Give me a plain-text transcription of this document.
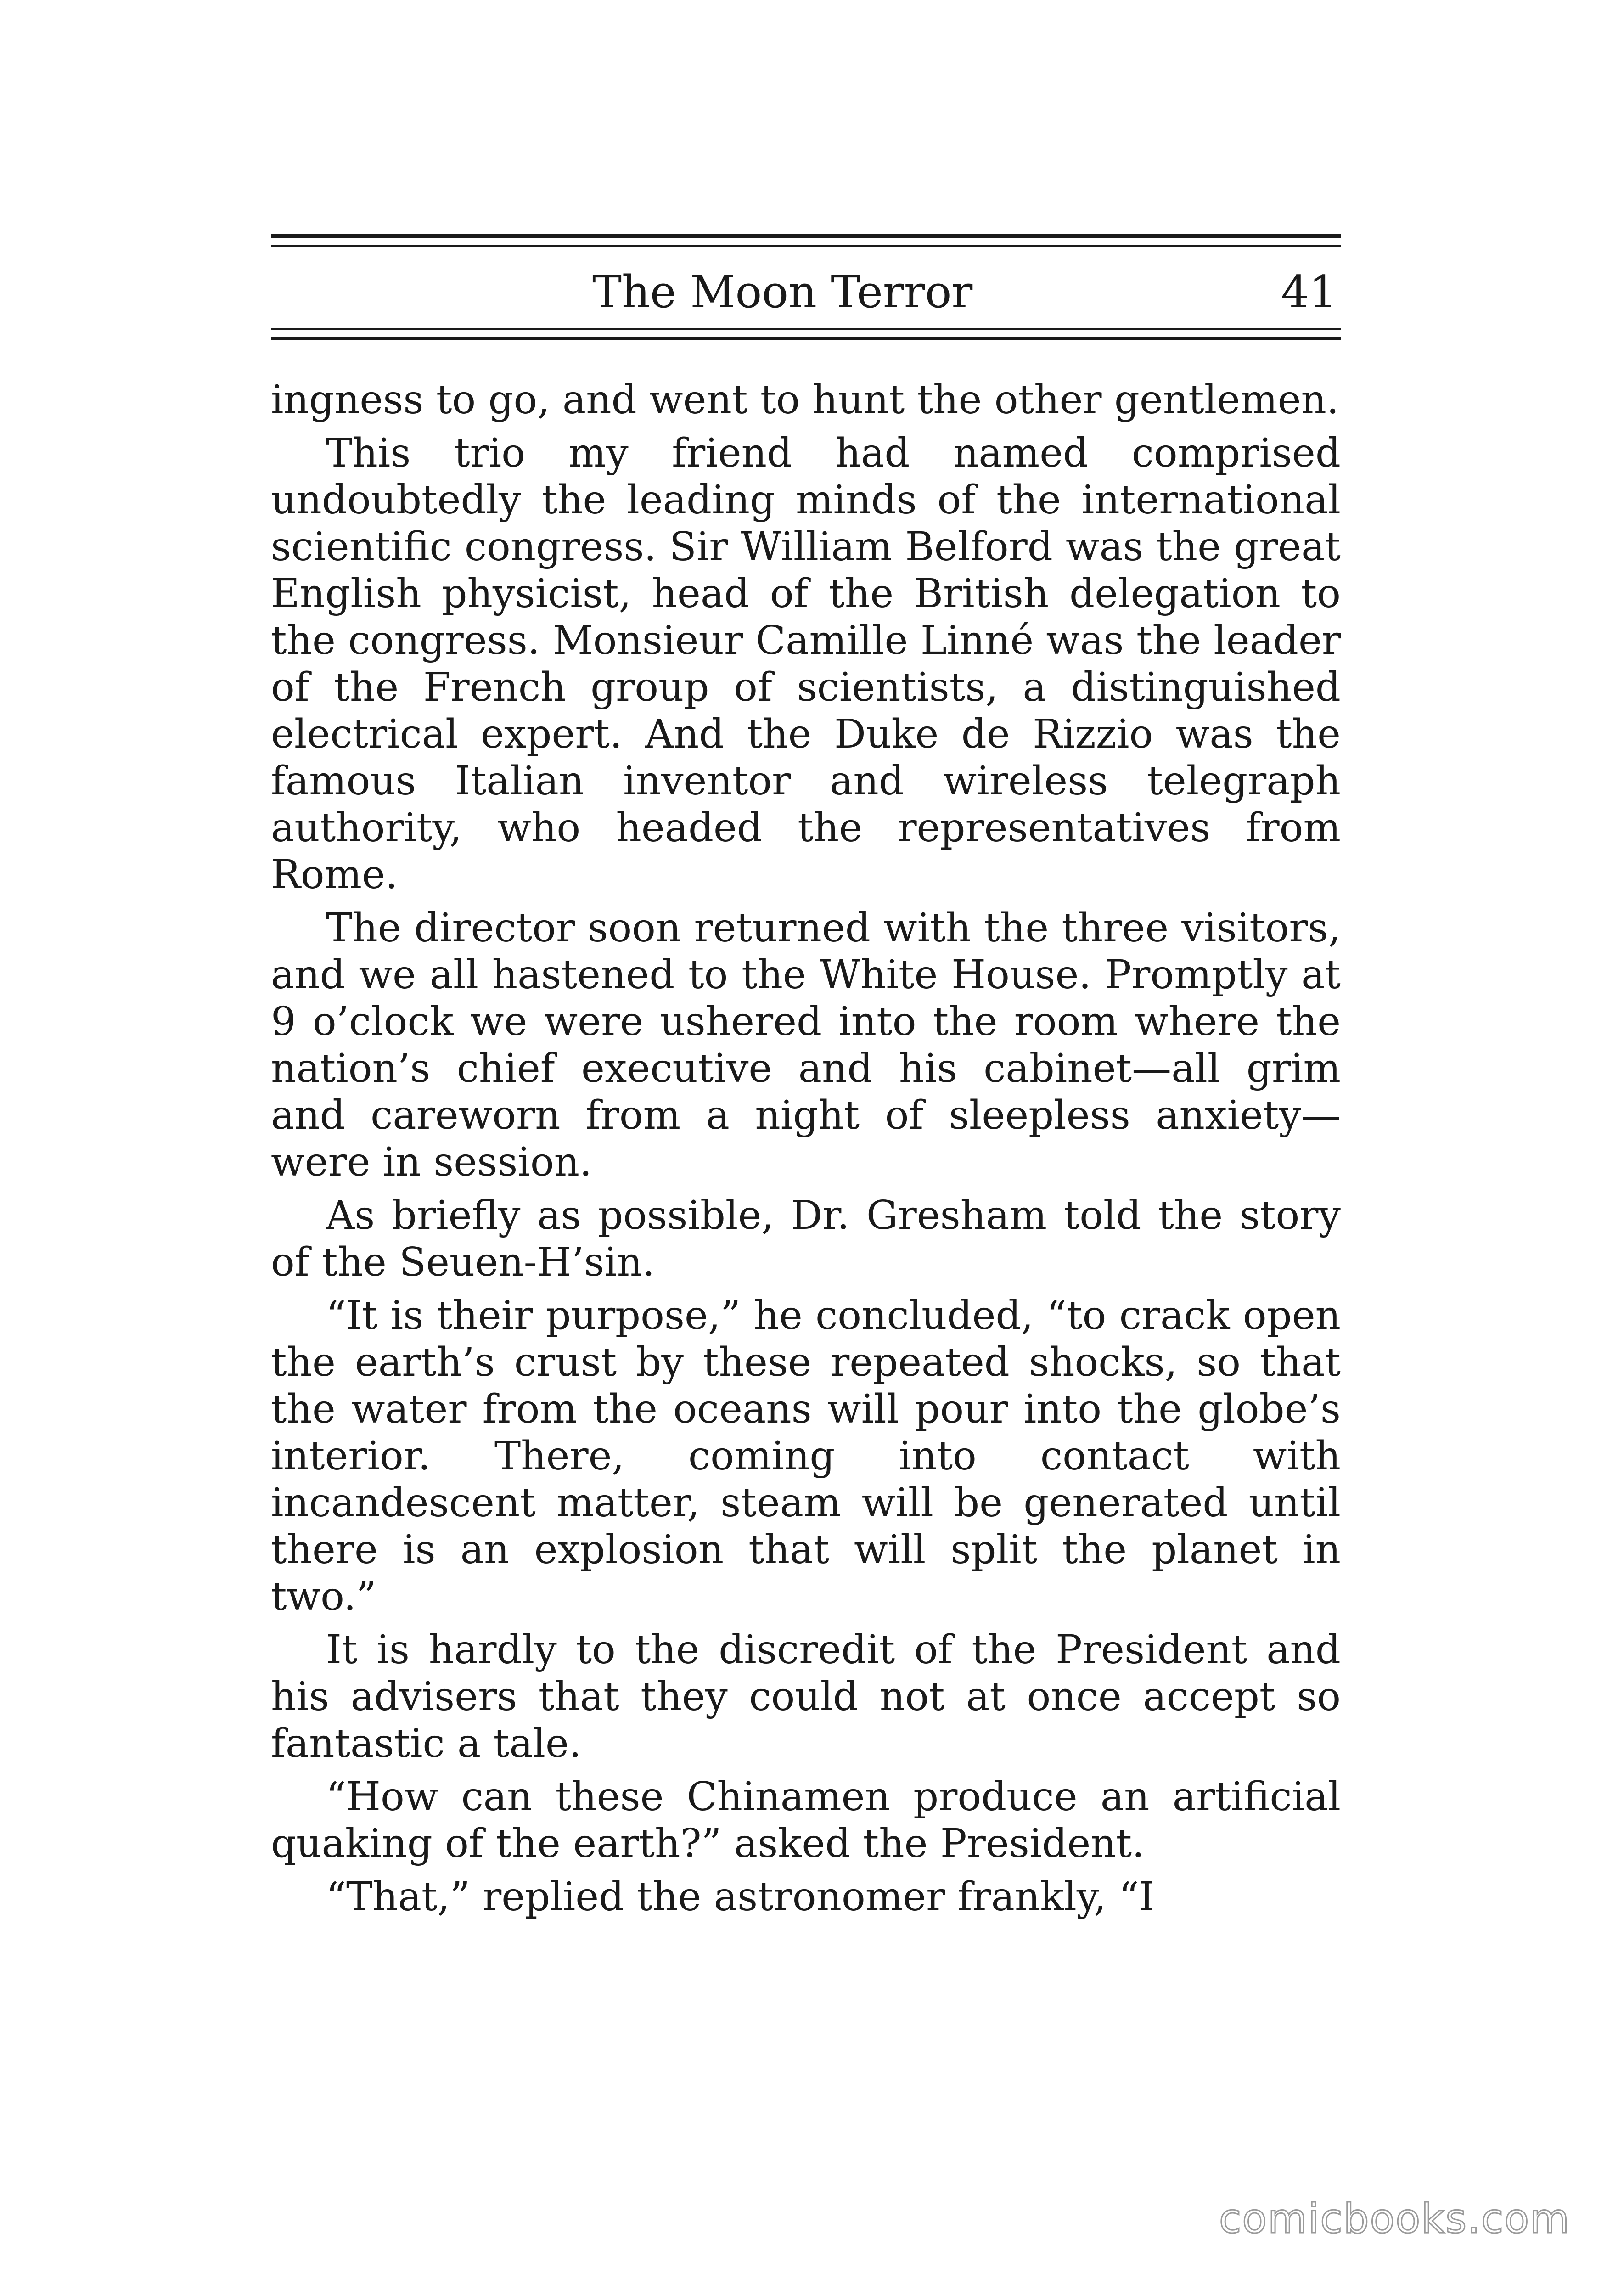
The Moon Terror	41

ingness to go, and went to hunt the other gentlemen.

This trio my friend had named comprised undoubtedly the leading minds of the international scientific congress. Sir William Belford was the great English physicist, head of the British delegation to the congress. Monsieur Camille Linné was the leader of the French group of scientists, a distinguished electrical expert. And the Duke de Rizzio was the famous Italian inventor and wireless telegraph authority, who headed the representatives from Rome.

The director soon returned with the three visitors, and we all hastened to the White House. Promptly at 9 o’clock we were ushered into the room where the nation’s chief executive and his cabinet—all grim and careworn from a night of sleepless anxiety—were in session.

As briefly as possible, Dr. Gresham told the story of the Seuen-H’sin.

“It is their purpose,” he concluded, “to crack open the earth’s crust by these repeated shocks, so that the water from the oceans will pour into the globe’s interior. There, coming into contact with incandescent matter, steam will be generated until there is an explosion that will split the planet in two.”

It is hardly to the discredit of the President and his advisers that they could not at once accept so fantastic a tale.

“How can these Chinamen produce an artificial quaking of the earth?” asked the President.

“That,” replied the astronomer frankly, “I

comicbooks.com
